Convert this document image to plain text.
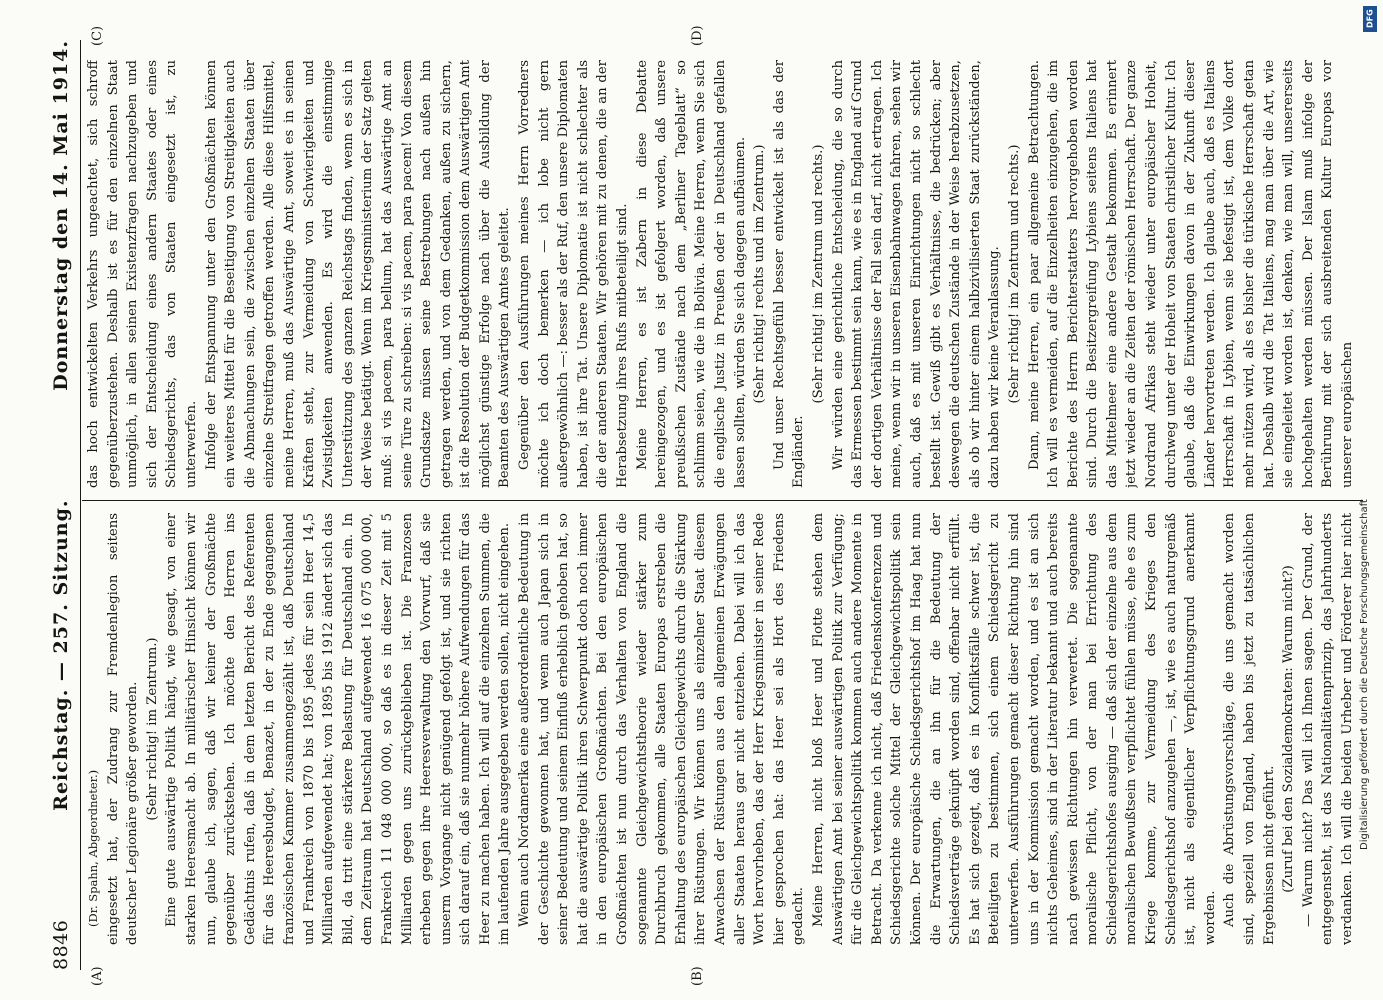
8846
Reichstag. — 257. Sitzung.
Donnerstag den 14. Mai 1914.
(A)	(B)
(C)	(D)

(Dr. Spahn, Abgeordneter.) eingesetzt hat, der Zudrang zur Fremdenlegion seitens deutscher Legionäre größer geworden. (Sehr richtig! im Zentrum.) Eine gute auswärtige Politik hängt, wie gesagt, von einer starken Heeresmacht ab. In militärischer Hinsicht können wir nun, glaube ich, sagen, daß wir keiner der Großmächte gegenüber zurückstehen. Ich möchte den Herren ins Gedächtnis rufen, daß in dem letzten Bericht des Referenten für das Heeresbudget, Benazet, in der zu Ende gegangenen französischen Kammer zusammengezählt ist, daß Deutschland und Frankreich von 1870 bis 1895 jedes für sein Heer 14,5 Milliarden aufgewendet hat; von 1895 bis 1912 ändert sich das Bild, da tritt eine stärkere Belastung für Deutschland ein. In dem Zeitraum hat Deutschland aufgewendet 16 075 000 000, Frankreich 11 048 000 000, so daß es in dieser Zeit mit 5 Milliarden gegen uns zurückgeblieben ist. Die Franzosen erheben gegen ihre Heeresverwaltung den Vorwurf, daß sie unserm Vorgange nicht genügend gefolgt ist, und sie richten sich darauf ein, daß sie nunmehr höhere Aufwendungen für das Heer zu machen haben. Ich will auf die einzelnen Summen, die im laufenden Jahre ausgegeben werden sollen, nicht eingehen. Wenn auch Nordamerika eine außerordentliche Bedeutung in der Geschichte gewonnen hat, und wenn auch Japan sich in seiner Bedeutung und seinem Einfluß erheblich gehoben hat, so hat die auswärtige Politik ihren Schwerpunkt doch noch immer in den europäischen Großmächten. Bei den europäischen Großmächten ist nun durch das Verhalten von England die sogenannte Gleichgewichtstheorie wieder stärker zum Durchbruch gekommen, alle Staaten Europas erstreben die Erhaltung des europäischen Gleichgewichts durch die Stärkung ihrer Rüstungen. Wir können uns als einzelner Staat diesem Anwachsen der Rüstungen aus den allgemeinen Erwägungen aller Staaten heraus gar nicht entziehen. Dabei will ich das Wort hervorheben, das der Herr Kriegsminister in seiner Rede hier gesprochen hat: das Heer sei als Hort des Friedens gedacht. Meine Herren, nicht bloß Heer und Flotte stehen dem Auswärtigen Amt bei seiner auswärtigen Politik zur Verfügung; für die Gleichgewichtspolitik kommen auch andere Momente in Betracht. Da verkenne ich nicht, daß Friedenskonferenzen und Schiedsgerichte solche Mittel der Gleichgewichtspolitik sein können. Der europäische Schiedsgerichtshof im Haag hat nun die Erwartungen, die an ihn für die Bedeutung der Schiedsverträge geknüpft worden sind, offenbar nicht erfüllt. Es hat sich gezeigt, daß es in Konfliktsfälle schwer ist, die Beteiligten zu bestimmen, sich einem Schiedsgericht zu unterwerfen. Ausführungen gemacht dieser Richtung hin sind uns in der Kommission gemacht worden, und es ist an sich nichts Geheimes, sind in der Literatur bekannt und auch bereits nach gewissen Richtungen hin verwertet. Die sogenannte moralische Pflicht, von der man bei Errichtung des Schiedsgerichtshofes ausging — daß sich der einzelne aus dem moralischen Bewußtsein verpflichtet fühlen müsse, ehe es zum Kriege komme, zur Vermeidung des Krieges den Schiedsgerichtshof anzugehen —, ist, wie es auch naturgemäß ist, nicht als eigentlicher Verpflichtungsgrund anerkannt worden. Auch die Abrüstungsvorschläge, die uns gemacht worden sind, speziell von England, haben bis jetzt zu tatsächlichen Ergebnissen nicht geführt. (Zuruf bei den Sozialdemokraten: Warum nicht?)

— Warum nicht? Das will ich Ihnen sagen. Der Grund, der entgegensteht, ist das Nationalitätenprinzip, das Jahrhunderts verdanken. Ich will die beiden Urheber und Förderer hier nicht

das hoch entwickelten Verkehrs ungeachtet, sich schroff gegenüberzustehen. Deshalb ist es für den einzelnen Staat unmöglich, in allen seinen Existenzfragen nachzugeben und sich der Entscheidung eines andern Staates oder eines Schiedsgerichts, das von Staaten eingesetzt ist, zu unterwerfen. Infolge der Entspannung unter den Großmächten können ein weiteres Mittel für die Beseitigung von Streitigkeiten auch die Abmachungen sein, die zwischen einzelnen Staaten über einzelne Streitfragen getroffen werden. Alle diese Hilfsmittel, meine Herren, muß das Auswärtige Amt, soweit es in seinen Kräften steht, zur Vermeidung von Schwierigkeiten und Zwistigkeiten anwenden. Es wird die einstimmige Unterstützung des ganzen Reichstags finden, wenn es sich in der Weise betätigt. Wenn im Kriegsministerium der Satz gelten muß: si vis pacem, para bellum, hat das Auswärtige Amt an seine Türe zu schreiben: si vis pacem, para pacem! Von diesem Grundsatze müssen seine Bestrebungen nach außen hin getragen werden, und von dem Gedanken, außen zu sichern, ist die Resolution der Budgetkommission dem Auswärtigen Amt möglichst günstige Erfolge nach über die Ausbildung der Beamten des Auswärtigen Amtes geleitet. Gegenüber den Ausführungen meines Herrn Vorredners möchte ich doch bemerken — ich lobe nicht gern außergewöhnlich —: besser als der Ruf, den unsere Diplomaten haben, ist ihre Tat. Unsere Diplomatie ist nicht schlechter als die der anderen Staaten. Wir gehören mit zu denen, die an der Herabsetzung ihres Rufs mitbeteiligt sind. Meine Herren, es ist Zabern in diese Debatte hereingezogen, und es ist gefolgert worden, daß unsere preußischen Zustände nach dem „Berliner Tageblatt“ so schlimm seien, wie die in Bolivia. Meine Herren, wenn Sie sich die englische Justiz in Preußen oder in Deutschland gefallen lassen sollten, würden Sie sich dagegen aufbäumen. (Sehr richtig! rechts und im Zentrum.) Und unser Rechtsgefühl besser entwickelt ist als das der Engländer.

(Sehr richtig! im Zentrum und rechts.) Wir würden eine gerichtliche Entscheidung, die so durch das Ermessen bestimmt sein kann, wie es in England auf Grund der dortigen Verhältnisse der Fall sein darf, nicht ertragen. Ich meine, wenn wir in unseren Eisenbahnwagen fahren, sehen wir auch, daß es mit unseren Einrichtungen nicht so schlecht bestellt ist. Gewiß gibt es Verhältnisse, die bedrücken; aber deswegen die deutschen Zustände in der Weise herabzusetzen, als ob wir hinter einem halbzivilisierten Staat zurückständen, dazu haben wir keine Veranlassung. (Sehr richtig! im Zentrum und rechts.) Dann, meine Herren, ein paar allgemeine Betrachtungen. Ich will es vermeiden, auf die Einzelheiten einzugehen, die im Berichte des Herrn Berichterstatters hervorgehoben worden sind. Durch die Besitzergreifung Lybiens seitens Italiens hat das Mittelmeer eine andere Gestalt bekommen. Es erinnert jetzt wieder an die Zeiten der römischen Herrschaft. Der ganze Nordrand Afrikas steht wieder unter europäischer Hoheit, durchweg unter der Hoheit von Staaten christlicher Kultur. Ich glaube, daß die Einwirkungen davon in der Zukunft dieser Länder hervortreten werden. Ich glaube auch, daß es Italiens Herrschaft in Lybien, wenn sie befestigt ist, dem Volke dort mehr nützen wird, als es bisher die türkische Herrschaft getan hat. Deshalb wird die Tat Italiens, mag man über die Art, wie sie eingeleitet worden ist, denken, wie man will, unsererseits hochgehalten werden müssen. Der Islam muß infolge der Berührung mit der sich ausbreitenden Kultur Europas vor unserer europäischen

DFG
Digitalisierung gefördert durch die Deutsche Forschungsgemeinschaft
